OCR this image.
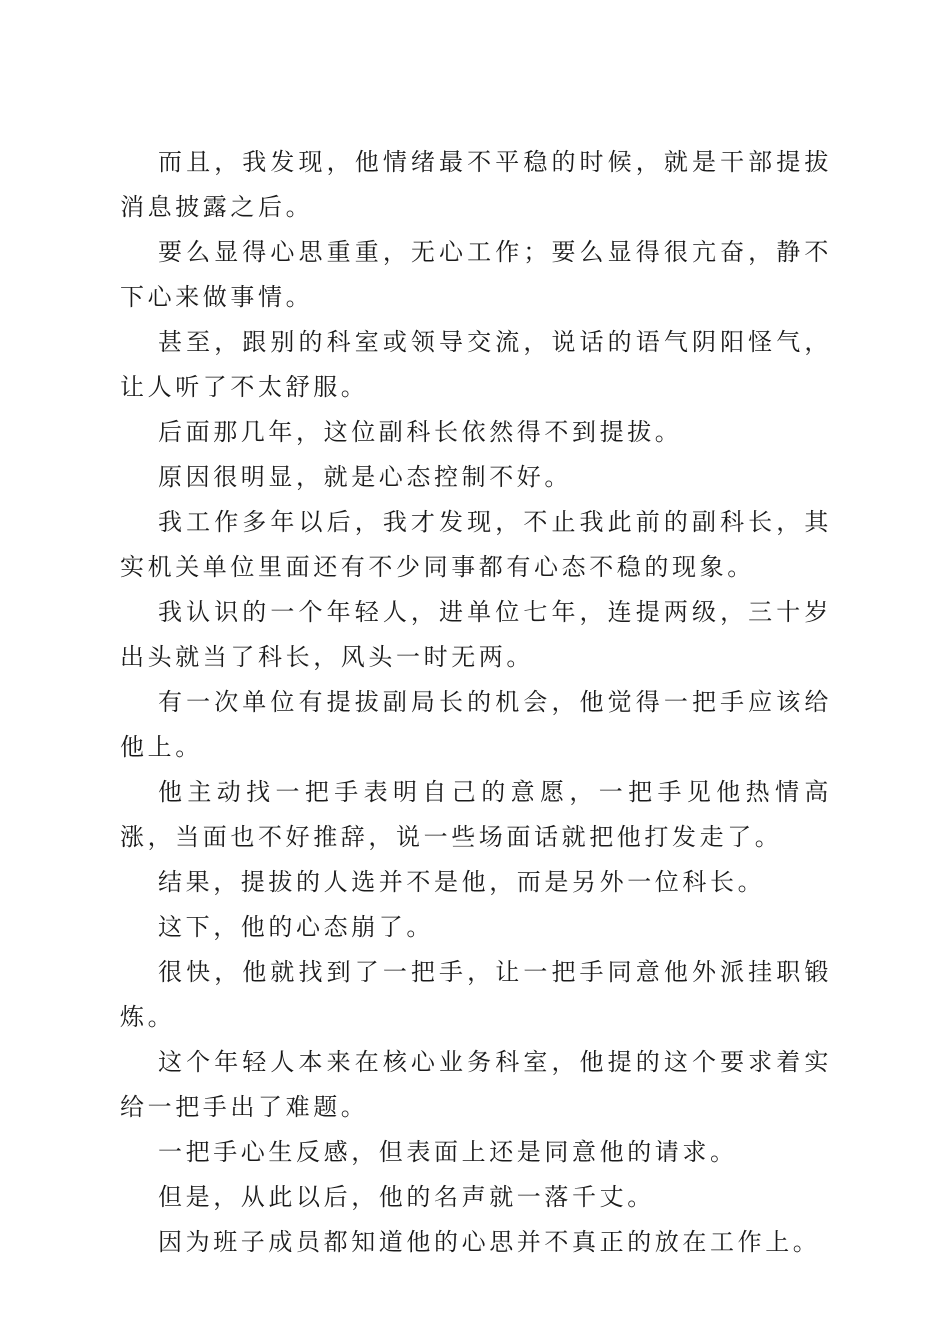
而且，我发现，他情绪最不平稳的时候，就是干部提拔消息披露之后。

要么显得心思重重，无心工作；要么显得很亢奋，静不下心来做事情。

甚至，跟别的科室或领导交流，说话的语气阴阳怪气，让人听了不太舒服。

后面那几年，这位副科长依然得不到提拔。

原因很明显，就是心态控制不好。

我工作多年以后，我才发现，不止我此前的副科长，其实机关单位里面还有不少同事都有心态不稳的现象。

我认识的一个年轻人，进单位七年，连提两级，三十岁出头就当了科长，风头一时无两。

有一次单位有提拔副局长的机会，他觉得一把手应该给他上。

他主动找一把手表明自己的意愿，一把手见他热情高涨，当面也不好推辞，说一些场面话就把他打发走了。

结果，提拔的人选并不是他，而是另外一位科长。

这下，他的心态崩了。

很快，他就找到了一把手，让一把手同意他外派挂职锻炼。

这个年轻人本来在核心业务科室，他提的这个要求着实给一把手出了难题。

一把手心生反感，但表面上还是同意他的请求。

但是，从此以后，他的名声就一落千丈。

因为班子成员都知道他的心思并不真正的放在工作上。
